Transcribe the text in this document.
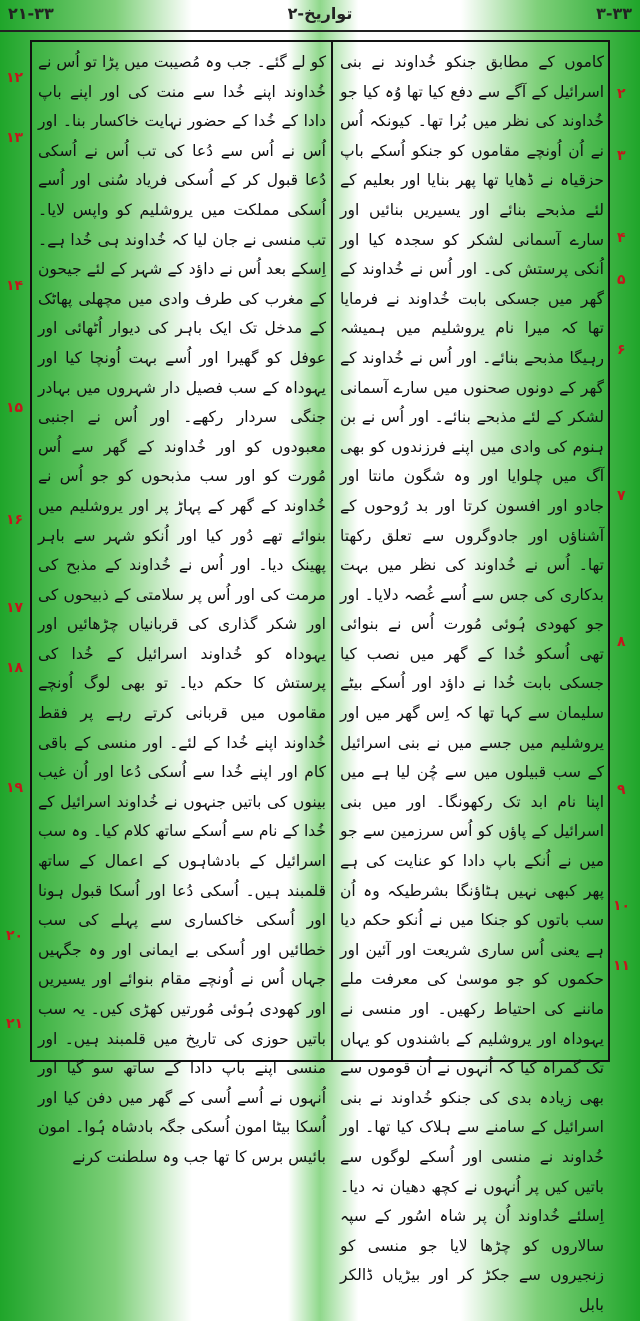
۲۱-۳۳	۲-تواریخ	۳-۳۳

کاموں کے مطابق جنکو خُداوند نے بنی اسرائیل کے آگے سے دفع کیا تھا وُہ کیا جو خُداوند کی نظر میں بُرا تھا۔ کیونکہ اُس نے اُن اُونچے مقاموں کو جنکو اُسکے باپ حزقیاہ نے ڈھایا تھا پھر بنایا اور بعلیم کے لئے مذبحے بنائے اور یسیریں بنائیں اور سارے آسمانی لشکر کو سجدہ کیا اور اُنکی پرستش کی۔ اور اُس نے خُداوند کے گھر میں جسکی بابت خُداوند نے فرمایا تھا کہ میرا نام یروشلیم میں ہمیشہ رہیگا مذبحے بنائے۔ اور اُس نے خُداوند کے گھر کے دونوں صحنوں میں سارے آسمانی لشکر کے لئے مذبحے بنائے۔ اور اُس نے بن ہنوم کی وادی میں اپنے فرزندوں کو بھی آگ میں چلوایا اور وہ شگون مانتا اور جادو اور افسون کرتا اور بد رُوحوں کے آشناؤں اور جادوگروں سے تعلق رکھتا تھا۔ اُس نے خُداوند کی نظر میں بہت بدکاری کی جس سے اُسے غُصہ دلایا۔ اور جو کھودی ہُوئی مُورت اُس نے بنوائی تھی اُسکو خُدا کے گھر میں نصب کیا جسکی بابت خُدا نے داؤد اور اُسکے بیٹے سلیمان سے کہا تھا کہ اِس گھر میں اور یروشلیم میں جسے میں نے بنی اسرائیل کے سب قبیلوں میں سے چُن لیا ہے میں اپنا نام ابد تک رکھونگا۔ اور میں بنی اسرائیل کے پاؤں کو اُس سرزمین سے جو میں نے اُنکے باپ دادا کو عنایت کی ہے پھر کبھی نہیں ہٹاؤنگا بشرطیکہ وہ اُن سب باتوں کو جنکا میں نے اُنکو حکم دیا ہے یعنی اُس ساری شریعت اور آئین اور حکموں کو جو موسیٰ کی معرفت ملے ماننے کی احتیاط رکھیں۔ اور منسی نے یہوداہ اور یروشلیم کے باشندوں کو یہاں تک گمراہ کیا کہ اُنہوں نے اُن قوموں سے بھی زیادہ بدی کی جنکو خُداوند نے بنی اسرائیل کے سامنے سے ہلاک کیا تھا۔ اور خُداوند نے منسی اور اُسکے لوگوں سے باتیں کیں پر اُنہوں نے کچھ دھیان نہ دیا۔ اِسلئے خُداوند اُن پر شاہ اسُور کے سپہ سالاروں کو چڑھا لایا جو منسی کو زنجیروں سے جکڑ کر اور بیڑیاں ڈالکر بابل

کو لے گئے۔ جب وہ مُصیبت میں پڑا تو اُس نے خُداوند اپنے خُدا سے منت کی اور اپنے باپ دادا کے خُدا کے حضور نہایت خاکسار بنا۔ اور اُس نے اُس سے دُعا کی تب اُس نے اُسکی دُعا قبول کر کے اُسکی فریاد سُنی اور اُسے اُسکی مملکت میں یروشلیم کو واپس لایا۔ تب منسی نے جان لیا کہ خُداوند ہی خُدا ہے۔ اِسکے بعد اُس نے داؤد کے شہر کے لئے جیحون کے مغرب کی طرف وادی میں مچھلی پھاٹک کے مدخل تک ایک باہر کی دیوار اُٹھائی اور عوفل کو گھیرا اور اُسے بہت اُونچا کیا اور یہوداہ کے سب فصیل دار شہروں میں بہادر جنگی سردار رکھے۔ اور اُس نے اجنبی معبودوں کو اور خُداوند کے گھر سے اُس مُورت کو اور سب مذبحوں کو جو اُس نے خُداوند کے گھر کے پہاڑ پر اور یروشلیم میں بنوائے تھے دُور کیا اور اُنکو شہر سے باہر پھینک دیا۔ اور اُس نے خُداوند کے مذبح کی مرمت کی اور اُس پر سلامتی کے ذبیحوں کی اور شکر گذاری کی قربانیاں چڑھائیں اور یہوداہ کو خُداوند اسرائیل کے خُدا کی پرستش کا حکم دیا۔ تو بھی لوگ اُونچے مقاموں میں قربانی کرتے رہے پر فقط خُداوند اپنے خُدا کے لئے۔ اور منسی کے باقی کام اور اپنے خُدا سے اُسکی دُعا اور اُن غیب بینوں کی باتیں جنہوں نے خُداوند اسرائیل کے خُدا کے نام سے اُسکے ساتھ کلام کیا۔ وہ سب اسرائیل کے بادشاہوں کے اعمال کے ساتھ قلمبند ہیں۔ اُسکی دُعا اور اُسکا قبول ہونا اور اُسکی خاکساری سے پہلے کی سب خطائیں اور اُسکی بے ایمانی اور وہ جگہیں جہاں اُس نے اُونچے مقام بنوائے اور یسیریں اور کھودی ہُوئی مُورتیں کھڑی کیں۔ یہ سب باتیں حوزی کی تاریخ میں قلمبند ہیں۔ اور منسی اپنے باپ دادا کے ساتھ سو گیا اور اُنہوں نے اُسے اُسی کے گھر میں دفن کیا اور اُسکا بیٹا امون اُسکی جگہ بادشاہ ہُوا۔ امون بائیس برس کا تھا جب وہ سلطنت کرنے

۲
۳
۴
۵
۶
۷
۸
۹
۱۰
۱۱
۱۲
۱۳
۱۴
۱۵
۱۶
۱۷
۱۸
۱۹
۲۰
۲۱
